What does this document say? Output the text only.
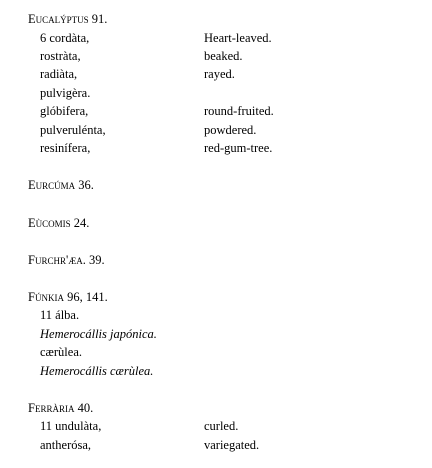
Eucalýptus 91.
6 cordàta,	Heart-leaved.
rostràta,	beaked.
radiàta,	rayed.
pulvigèra.
glóbifera,	round-fruited.
pulverulénta,	powdered.
resinífera,	red-gum-tree.
Eurcúma 36.
Eùcomis 24.
Furchr'æa. 39.
Fúnkia 96, 141.
11 álba.
Hemerocállis japónica.
cærùlea.
Hemerocállis cærùlea.
Ferrària 40.
11 undulàta,	curled.
antherósa,	variegated.
